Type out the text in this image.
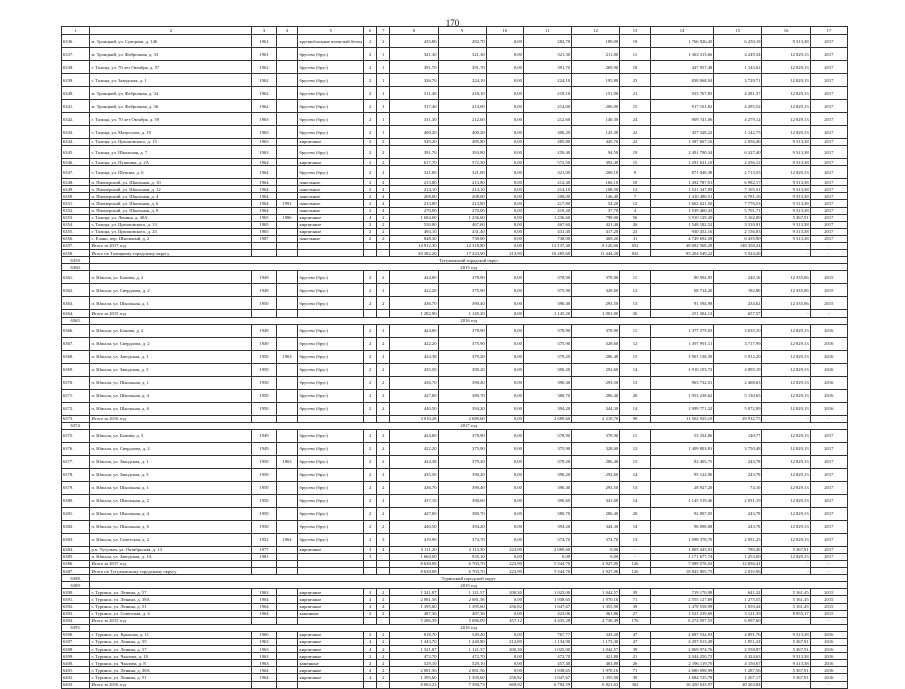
170
1	2	3	4	5	6	7	8	9	10	11	12	13	14	15	16	17
6336.	м. Троицкий, ул. Суворова, д. 146	1961		крупноблочные ячеистый бетон	2	2	435,80	282,70	0,00	282,70	189,00	19	1 766 926,45	6 250,18	9 313,38	2017
6337.	м. Троицкий, ул. Фабричная, д. 33	1961		брусево (брус)	2	1	321,30	321,30	0,00	321,30	211,80	11	1 363 313,66	4 249,34	12 829,13	2017
6338.	г. Талица, ул. 70 лет Октября, д. 57	1962		брусево (брус)	2	1	391,70	391,70	0,00	391,70	269,90	18	447 957,48	1 143,62	12 829,13	2017
6339.	г. Талица, ул. Заводская, д. 1	1962		брусево (брус)	2	1	326,70	224,10	0,00	224,10	195,80	23	838 068,94	3 729,71	12 829,13	2017
6340.	м. Троицкий, ул. Фабричная, д. 34	1962		брусево (брус)	2	1	311,40	218,10	0,00	218,10	151,00	21	933 767,85	4 281,37	12 829,13	2017
6341.	м. Троицкий, ул. Фабричная, д. 36	1962		брусево (брус)	2	1	317,40	214,00	0,00	214,00	206,00	15	917 101,82	4 285,52	12 829,13	2017
6342.	г. Талица, ул. 70 лет Октября, д. 59	1963		брусево (брус)	2	1	331,30	212,60	0,00	212,60	140,30	24	909 741,06	4 279,12	12 829,13	2017
6343.	г. Талица, ул. Матросова, д. 19	1963		брусево (брус)	2	1	400,20	400,20	0,00	400,20	143,30	22	457 328,22	1 142,75	12 829,13	2017
6344.	г. Талица, ул. Циолковского, д. 15	1963		кирпичные	2	2	549,20	485,80	0,00	485,80	445,70	22	1 387 667,16	2 856,46	9 313,38	2017
6345.	г. Талица, ул. Школьная, д. 7	1963		брусево (брус)	2	2	391,70	393,80	0,00	259,40	94,50	19	2 491 790,34	6 327,40	9 313,38	2017
6346.	г. Талица, ул. Пушкина, д. 2А	1964		кирпичные	2	2	617,70	572,50	0,00	572,50	392,40	15	1 291 631,10	2 256,12	9 313,38	2017
6347.	г. Талица, ул. Шукина, д. 6	1964		брусево (брус)	2	2	321,00	321,00	0,00	321,00	200,10	9	871 048,38	2 713,55	12 829,13	2017
6348.	п. Пионерский, ул. Школьная, д. 10	1964		панельные	2	4	213,80	213,80	0,00	212,40	166,10	10	1 492 787,91	6 982,17	9 313,38	2017
6349.	п. Пионерский, ул. Школьная, д. 12	1964		панельные	2	4	214,10	214,10	0,00	214,10	108,50	12	1 521 347,09	7 105,31	9 313,38	2017
6350.	п. Пионерский, ул. Школьная, д. 4	1964		панельные	2	4	208,00	208,00	0,00	208,00	146,40	7	1 410 480,51	6 781,16	9 313,38	2017
6351.	п. Пионерский, ул. Школьная, д. 6	1964	1991	панельные	2	4	213,80	213,80	0,00	217,80	54,20	12	1 662 621,50	7 776,53	9 313,38	2017
6352.	п. Пионерский, ул. Школьная, д. 8	1964		панельные	2	4	270,00	270,00	0,00	219,20	37,70	4	1 539 460,43	5 701,71	9 313,38	2017
6353.	г. Талица, ул. Ленина, д. 40А	1965	1986	кирпичные	4	2	1 684,00	1 236,60	0,00	1 236,60	798,00	56	3 910 129,20	3 162,00	5 367,91	2017
6354.	г. Талица, ул. Циолковского, д. 13	1965		кирпичные	2	2	530,00	467,60	0,00	467,60	421,40	26	1 548 182,52	3 310,91	9 313,38	2017
6355.	г. Талица, ул. Циолковского, д. 23	1965		кирпичные	2	2	494,10	431,40	0,00	431,40	417,20	23	930 452,16	2 156,83	9 313,38	2017
6356.	с. Елань, пер. Школьный, д. 2	1987		панельные	2	2	848,30	738,00	0,00	738,00	469,20	31	4 749 692,58	6 435,90	9 313,38	2017
6357.	Итого за 2017 год						14 912,30	12 318,80	0,00	12 137,40	8 120,60	652	48 682 568,29	148 358,24	-	-
6358.	Итого по Талицкому городскому округу						20 382,20	17 223,90	213,90	16 285,60	11 444,20	832	95 204 549,22	5 524,26	-	-
6359.	Тугулымский городской округ															
6360.	2015 год															
6361.	п. Юшала, ул. Бажова, д. 2	1949		брусево (брус)	2	2	424,00	378,90	0,00	378,90	378,90	11	90 994,95	240,16	12 335,06	2015
6362.	п. Юшала, ул. Свердлова, д. 2	1949		брусево (брус)	2	2	422,20	375,90	0,00	375,90	328,60	12	68 714,20	182,80	12 335,06	2015
6363.	п. Юшала, ул. Школьная, д. 1	1950		брусево (брус)	2	2	436,70	390,40	0,00	390,40	293,50	13	91 594,98	234,62	12 335,06	2015
6364.	Итого за 2015 год						1 282,90	1 145,20	0,00	1 145,20	1 001,00	36	251 304,13	657,57	-	-
6365.	2016 год															
6366.	п. Юшала, ул. Бажова, д. 2	1949		брусево (брус)	2	2	424,00	378,90	0,00	378,90	378,90	11	1 377 379,03	3 635,10	12 829,13	2016
6367.	п. Юшала, ул. Свердлова, д. 2	1949		брусево (брус)	2	2	422,20	375,90	0,00	375,90	328,60	12	1 397 991,11	3 717,99	12 829,13	2016
6368.	п. Юшала, ул. Заводская, д. 1	1950	1963	брусево (брус)	2	2	424,38	379,20	0,00	379,20	286,40	15	1 901 138,39	5 012,20	12 829,13	2016
6369.	п. Юшала, ул. Заводская, д. 3	1950		брусево (брус)	2	2	435,50	390,20	0,00	390,20	292,60	14	1 910 103,72	4 895,19	12 829,13	2016
6370.	п. Юшала, ул. Школьная, д. 1	1950		брусево (брус)	2	2	436,70	390,40	0,00	390,40	293,50	13	963 732,01	2 468,63	12 829,13	2016
6371.	п. Юшала, ул. Школьная, д. 4	1950		брусево (брус)	2	2	427,00	380,70	0,00	380,70	286,40	20	1 953 238,62	5 130,65	12 829,13	2016
6372.	п. Юшала, ул. Школьная, д. 6	1950		брусево (брус)	2	2	440,50	394,20	0,00	394,20	344,30	14	1 999 771,22	5 072,99	12 829,13	2016
6373.	Итого за 2016 год						3 010,28	2 689,60	0,00	2 689,60	2 210,70	99	11 502 925,10	29 932,75	-	-
6374.	2017 год															
6375.	п. Юшала, ул. Бажова, д. 3	1949		брусево (брус)	2	2	424,00	378,90	0,00	378,90	378,90	11	53 334,86	140,77	12 829,13	2017
6376.	п. Юшала, ул. Свердлова, д. 2	1949		брусево (брус)	2	2	422,20	375,90	0,00	375,90	328,60	12	1 409 803,81	3 750,48	12 829,13	2017
6377.	п. Юшала, ул. Заводская, д. 1	1950	1963	брусево (брус)	2	2	424,38	379,20	0,00	379,20	286,40	15	92 405,75	243,78	12 829,13	2017
6378.	п. Юшала, ул. Заводская, д. 3	1950		брусево (брус)	2	2	435,50	390,20	0,00	390,20	292,60	14	95 122,96	243,78	12 829,13	2017
6379.	п. Юшала, ул. Школьная, д. 1	1950		брусево (брус)	2	2	436,70	390,40	0,00	390,40	293,50	13	28 927,20	74,10	12 829,13	2017
6380.	п. Юшала, ул. Школьная, д. 2	1950		брусево (брус)	2	2	437,10	390,60	0,00	390,60	341,60	14	1 145 519,46	2 931,19	12 829,13	2017
6381.	п. Юшала, ул. Школьная, д. 4	1950		брусево (брус)	2	2	427,00	380,70	0,00	380,70	286,40	20	92 807,05	243,78	12 829,13	2017
6382.	п. Юшала, ул. Школьная, д. 6	1950		брусево (брус)	2	2	440,50	394,20	0,00	394,20	344,30	14	96 098,08	243,78	12 829,13	2017
6383.	п. Юшала, ул. Советская, д. 2	1952	1964	брусево (брус)	2	3	419,90	374,70	0,00	374,70	374,70	13	1 098 378,70	2 931,25	12 829,13	2017
6384.	р.п. Тугулым, ул. Октябрьская, д. 13	1977		кирпичные	3	4	3 111,20	2 113,50	223,00	2 089,60	0,00	-	1 805 445,91	780,40	5 367,91	2017
6385.	п. Юшала, ул. Заводская, д. 1А	1981			3		1 660,00	935,10	0,00	0,00	0,00	-	1 171 677,74	1 253,00	12 829,13	2017
6386.	Итого за 2017 год						8 638,08	6 703,70	223,90	5 544,70	2 927,00	126	7 089 576,52	12 836,41	-	-
6387.	Итого по Тугулымскому городскому округу						8 638,08	6 703,70	223,90	5 544,70	2 927,00	126	18 843 805,75	2 810,96	-	-
6388.	Туринский городской округ															
6389.	2015 год															
6390.	г. Туринск, ул. Ленина, д. 57	1963		кирпичные	4	2	1 321,87	1 121,57	200,30	1 025,00	1 042,57	39	719 170,98	641,22	5 161,45	2015
6391.	г. Туринск, ул. Ленина, д. 38А	1964		кирпичные	4	2	2 081,56	2 081,56	0,00	1 938,65	1 970,16	71	2 555 127,89	1 275,55	5 161,45	2015
6392.	г. Туринск, ул. Ленина, д. 51	1964		кирпичные	4	4	1 395,60	1 395,60	256,82	1 047,67	1 355,90	39	1 478 558,99	1 059,44	5 161,45	2015
6393.	г. Туринск, ул. Советская, д. 4	1964		каменные	2	2	487,36	487,36	0,00	423,06	361,86	27	1 521 239,69	3 121,39	8 955,17	2015
6394.	Итого за 2015 год						5 286,39	5 086,09	457,12	4 435,28	4 730,49	176	6 274 097,55	6 097,60	-	-
6395.	2016 год															
6396.	г. Туринск, ул. Крылова, д. 11	1960		кирпичные	2	2	818,70	549,40	0,00	767,77	343,20	47	2 687 534,93	4 891,76	9 313,38	2016
6397.	г. Туринск, ул. Ленина, д. 55	1963		кирпичные	4	2	1 443,70	1 240,80	212,80	1 134,90	1 173,30	47	2 297 013,49	1 851,24	5 367,91	2016
6398.	г. Туринск, ул. Ленина, д. 57	1963		кирпичные	4	2	1 321,87	1 121,57	200,30	1 025,00	1 042,57	39	2 869 974,76	2 558,87	5 367,91	2016
6399.	г. Туринск, ул. Чкалова, д. 10	1963		кирпичные	2	2	472,70	472,70	0,00	472,70	421,80	21	2 044 250,72	4 324,63	9 313,38	2016
6400.	г. Туринск, ул. Чкалова, д. 8	1963		каменные	2	2	529,10	529,10	0,00	457,40	463,80	26	2 196 119,70	4 150,67	9 313,38	2016
6401.	г. Туринск, ул. Ленина, д. 38А	1964		кирпичные	4	2	2 081,56	2 081,56	0,00	1 938,65	1 970,16	71	2 680 098,99	1 287,56	5 367,91	2016
6402.	г. Туринск, ул. Ленина, д. 51	1964		кирпичные	4	2	1 395,60	1 395,60	256,82	1 047,67	1 355,90	39	1 684 725,78	1 207,17	5 367,91	2016
6403.	Итого за 2016 год						8 063,23	7 390,73	669,92	6 782,59	6 821,63	302	16 450 633,97	20 263,84	-	-
